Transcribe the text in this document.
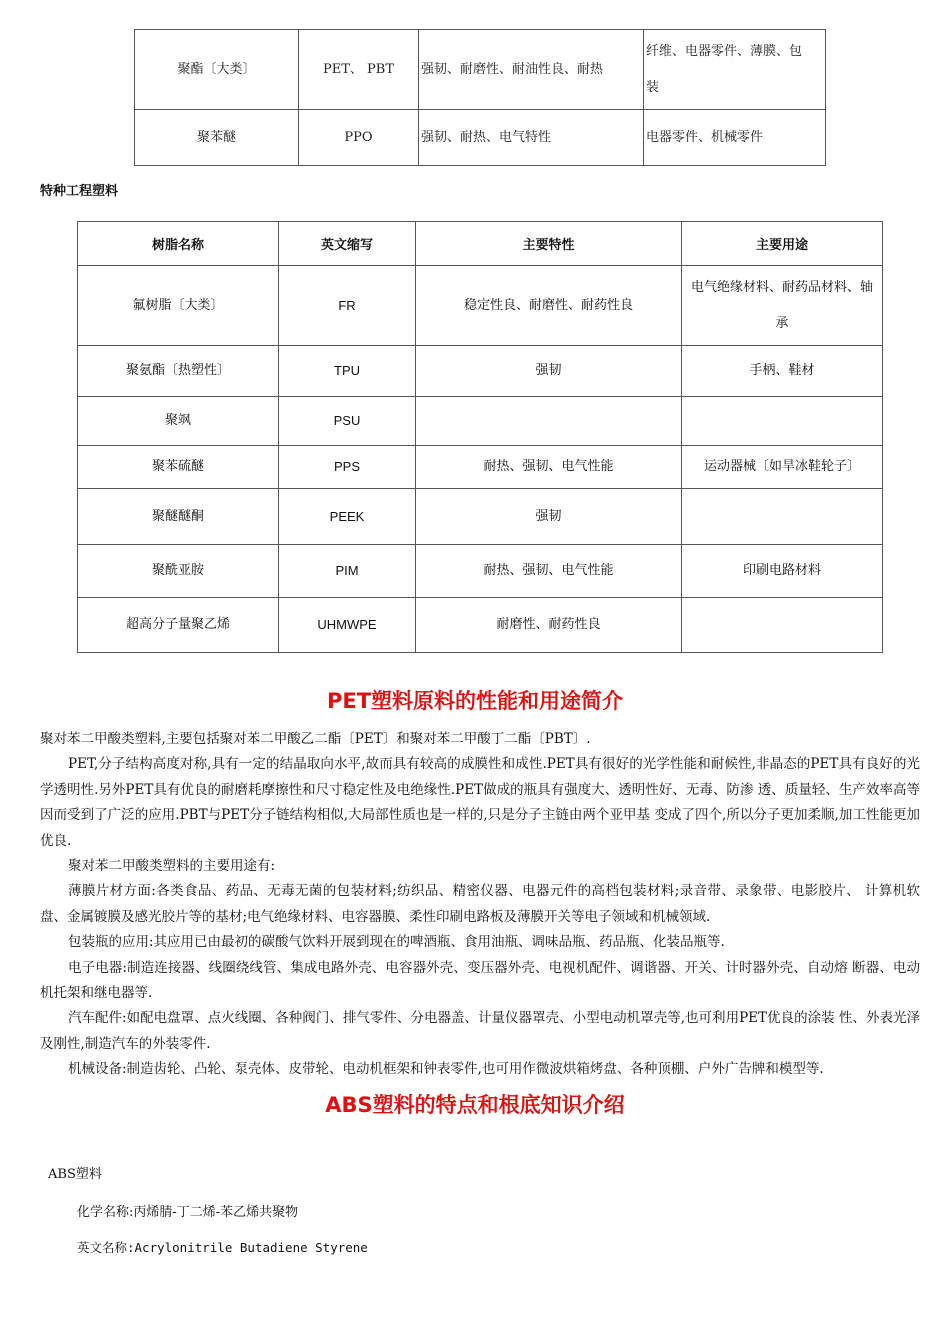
聚酯〔大类〕	PET、 PBT	强韧、耐磨性、耐油性良、耐热	纤维、电器零件、薄膜、包
装

聚苯醚	PPO	强韧、耐热、电气特性	电器零件、机械零件
特种工程塑料
树脂名称	英文缩写	主要特性	主要用途
氟树脂〔大类〕	FR	稳定性良、耐磨性、耐药性良	电气绝缘材料、耐药品材料、轴
承

聚氨酯〔热塑性〕	TPU	强韧	手柄、鞋材
聚飒	PSU		
聚苯硫醚	PPS	耐热、强韧、电气性能	运动器械〔如旱冰鞋轮子〕
聚醚醚酮	PEEK	强韧	
聚酰亚胺	PIM	耐热、强韧、电气性能	印刷电路材料
超高分子量聚乙烯	UHMWPE	耐磨性、耐药性良	
PET塑料原料的性能和用途简介

聚对苯二甲酸类塑料,主要包括聚对苯二甲酸乙二酯〔PET〕和聚对苯二甲酸丁二酯〔PBT〕.

PET,分子结构高度对称,具有一定的结晶取向水平,故而具有较高的成膜性和成性.PET具有很好的光学性能和耐候性,非晶态的PET具有良好的光学透明性.另外PET具有优良的耐磨耗摩擦性和尺寸稳定性及电绝缘性.PET做成的瓶具有强度大、透明性好、无毒、防渗 透、质量轻、生产效率高等因而受到了广泛的应用.PBT与PET分子链结构相似,大局部性质也是一样的,只是分子主链由两个亚甲基 变成了四个,所以分子更加柔顺,加工性能更加优良.

聚对苯二甲酸类塑料的主要用途有:

薄膜片材方面:各类食品、药品、无毒无菌的包装材料;纺织品、精密仪器、电器元件的高档包装材料;录音带、录象带、电影胶片、 计算机软盘、金属镀膜及感光胶片等的基材;电气绝缘材料、电容器膜、柔性印刷电路板及薄膜开关等电子领域和机械领域.

包装瓶的应用:其应用已由最初的碳酸气饮料开展到现在的啤酒瓶、食用油瓶、调味品瓶、药品瓶、化装品瓶等.

电子电器:制造连接器、线圈绕线管、集成电路外壳、电容器外壳、变压器外壳、电视机配件、调谐器、开关、计时器外壳、自动熔 断器、电动机托架和继电器等.

汽车配件:如配电盘罩、点火线圈、各种阀门、排气零件、分电器盖、计量仪器罩壳、小型电动机罩壳等,也可利用PET优良的涂装 性、外表光泽及刚性,制造汽车的外装零件.

机械设备:制造齿轮、凸轮、泵壳体、皮带轮、电动机框架和钟表零件,也可用作微波烘箱烤盘、各种顶棚、户外广告牌和模型等.

ABS塑料的特点和根底知识介绍
ABS塑料
化学名称:丙烯腈-丁二烯-苯乙烯共聚物
英文名称:Acrylonitrile Butadiene Styrene
